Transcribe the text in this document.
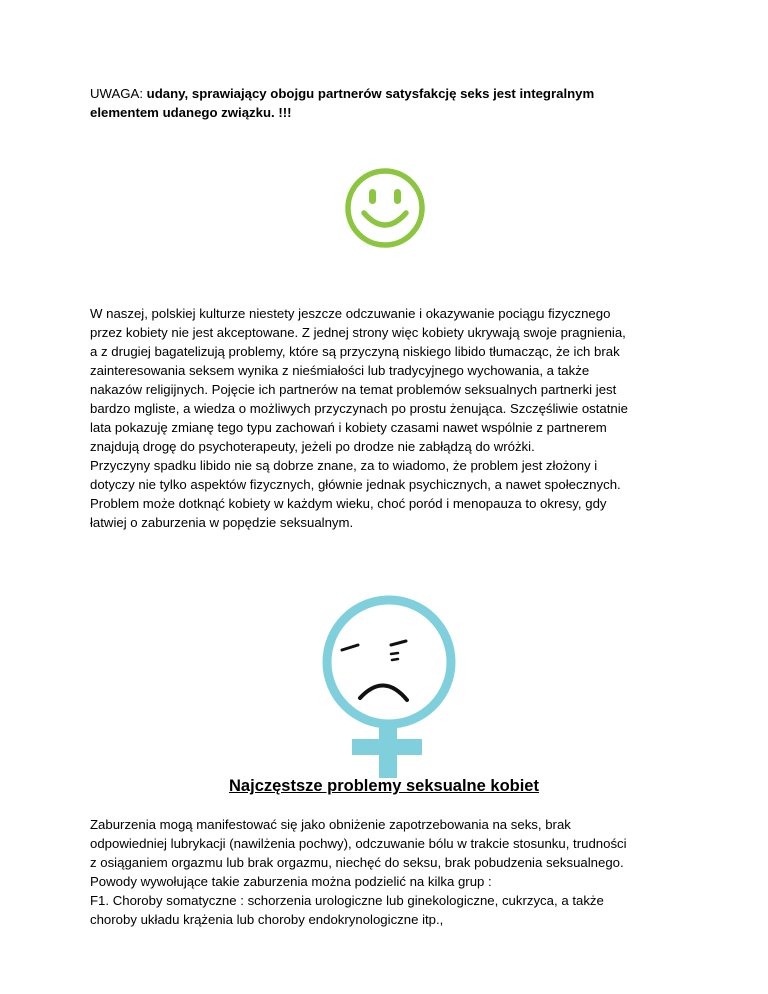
UWAGA: udany, sprawiający obojgu partnerów satysfakcję seks jest integralnym
elementem udanego związku. !!!
W naszej, polskiej kulturze niestety jeszcze odczuwanie i okazywanie pociągu fizycznego
przez kobiety nie jest akceptowane. Z jednej strony więc kobiety ukrywają swoje pragnienia,
a z drugiej bagatelizują problemy, które są przyczyną niskiego libido tłumacząc, że ich brak
zainteresowania seksem wynika z nieśmiałości lub tradycyjnego wychowania, a także
nakazów religijnych. Pojęcie ich partnerów na temat problemów seksualnych partnerki jest
bardzo mgliste, a wiedza o możliwych przyczynach po prostu żenująca. Szczęśliwie ostatnie
lata pokazuję zmianę tego typu zachowań i kobiety czasami nawet wspólnie z partnerem
znajdują drogę do psychoterapeuty, jeżeli po drodze nie zabłądzą do wróżki.
Przyczyny spadku libido nie są dobrze znane, za to wiadomo, że problem jest złożony i
dotyczy nie tylko aspektów fizycznych, głównie jednak psychicznych, a nawet społecznych.
Problem może dotknąć kobiety w każdym wieku, choć poród i menopauza to okresy, gdy
łatwiej o zaburzenia w popędzie seksualnym.
Najczęstsze problemy seksualne kobiet
Zaburzenia mogą manifestować się jako obniżenie zapotrzebowania na seks, brak
odpowiedniej lubrykacji (nawilżenia pochwy), odczuwanie bólu w trakcie stosunku, trudności
z osiąganiem orgazmu lub brak orgazmu, niechęć do seksu, brak pobudzenia seksualnego.
Powody wywołujące takie zaburzenia można podzielić na kilka grup :
F1. Choroby somatyczne : schorzenia urologiczne lub ginekologiczne, cukrzyca, a także
choroby układu krążenia lub choroby endokrynologiczne itp.,
